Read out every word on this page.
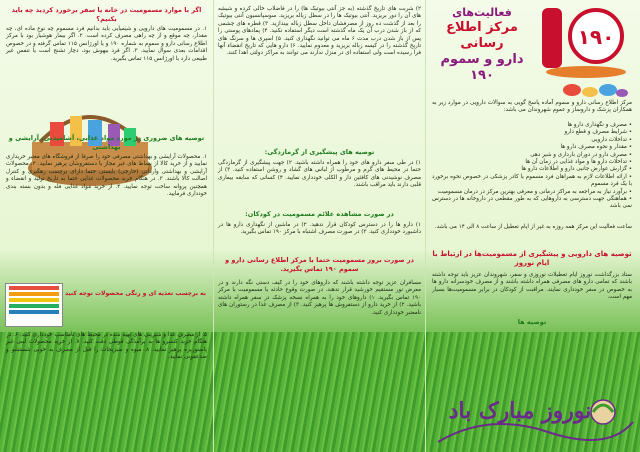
۱۹۰
فعالیت‌های
مرکز اطلاع رسانی
دارو و سموم ۱۹۰
مرکز اطلاع رسانی دارو و سموم آماده پاسخ گویی به سوالات دارویی در موارد زیر به همکاران پزشک و داروساز و عموم شهروندان می باشد:
• مصرف و نگهداری دارو ها
• شرایط مصرف و قطع دارو
• تداخلات دارویی
• مقدار و نحوه مصرف دارو ها
• مصرف دارو در دوران بارداری و شیر دهی
• تداخلات دارو ها و مواد غذایی در زمان آن ها
• گزارش عوارض جانبی دارو و اطلاعات دارو ها
• ارائه اطلاعات لازم به همراهان فرد مسموم یا کادر پزشکی در خصوص نحوه برخورد با یک فرد مسموم
• برآورد نیاز به مراجعه به مراکز درمانی و معرفی بهترین مرکز در درمان مسمومیت
• هماهنگی جهت دسترسی به داروهایی که به طور مقطعی در داروخانه ها در دسترس نمی باشد
ساعت فعالیت این مرکز همه روزه به غیر از ایام تعطیل از ساعت ۸ الی ۱۴ می باشد.
توصیه های دارویی و پیشگیری از مسمومیت‌ها در ارتباط با ایام نوروز
ستاد بزرگداشت نوروز ایام تعطیلات نوروزی و سفر، شهروندان عزیز باید توجه داشته باشند که تمامی دارو های مصرفی همراه داشته باشند و از مصرف خودسرانه دارو ها به خصوص در سفر خودداری نمایند. مراقبت از کودکان در برابر مسمومیت‌ها بسیار مهم است.
توصیه ها
نوروز مبارک باد
۲) شربت های تاریخ گذشته (به جز آنتی بیوتیک ها) را در فاضلاب خالی کرده و شیشه های آن را دور بریزید. آنتی بیوتیک ها را در سطل زباله بریزید. سوسپانسیون آنتی بیوتیک را بعد از گذشت ده روز از مصرفشان داخل سطل زباله بیندازید. ۳) قطره های چشمی که از باز شدن درب آن یک ماه گذشته است دیگر استفاده نکنید. ۴) پمادهای پوستی را پس از باز شدن درب مدت ۶ ماه می توانید نگهداری کنید. ۵) اسپری ها و سرنگ های تاریخ گذشته را در کیسه زباله بریزید و معدوم نمایید. ۶) دارو هایی که تاریخ انقضاء آنها فرا رسیده است ولی استفاده ای در منزل ندارند می توانند به مراکز دولتی اهدا کنند.
توصیه های پیشگیری از گرمازدگی:
۱) در طی سفر دارو های خود را همراه داشته باشید. ۲) جهت پیشگیری از گرمازدگی حتما در محیط های گرم و مرطوب از لباس های گشاد و روشن استفاده کنید. ۳) از مصرف نوشیدنی های کافئین دار و الکلی خودداری نمایید. ۴) کسانی که سابقه بیماری قلبی دارند باید مراقب باشند.
در صورت مشاهده علائم مسمومیت در کودکان:
۱) دارو ها را در دسترس کودکان قرار ندهید. ۲) در ماشین از نگهداری دارو ها در داشبورد خودداری کنید. ۳) در صورت مصرف اشتباه با مرکز ۱۹۰ تماس بگیرید.
در صورت بروز مسمومیت حتما با مرکز اطلاع رسانی دارو و سموم ۱۹۰ تماس بگیرید.
مسافران عزیز توجه داشته باشند که داروهای خود را در کیف دستی نگه دارند و در معرض نور مستقیم خورشید قرار ندهند. در صورت وقوع حادثه یا مسمومیت با مرکز ۱۹۰ تماس بگیرید. ۱) داروهای خود را به همراه نسخه پزشک در سفر همراه داشته باشید. ۲) از خرید دارو از دستفروش ها پرهیز کنید. ۳) از مصرف غذا در رستوران های نامعتبر خودداری کنید.
اگر با موارد مسمومیت در خانه یا سفر برخورد کردید چه باید بکنیم؟
۱. در مسمومیت های دارویی و شیمیایی باید بدانیم فرد مسموم چه نوع ماده ای، چه مقدار، چه موقع و از چه راهی مصرف کرده است. ۲. اگر بیمار هوشیار بود با مرکز اطلاع رسانی دارو و سموم به شماره ۱۹۰ و یا اورژانس ۱۱۵ تماس گرفته و در خصوص اقدامات بعدی سوال نمایید. ۳. اگر فرد بیهوش بود، دچار تشنج است یا تنفس غیر طبیعی دارد با اورژانس ۱۱۵ تماس بگیرید.
توصیه های ضروری در مورد مواد غذایی، آشامیدنی، آرایشی و بهداشتی
۱. محصولات آرایشی و بهداشتی مصرفی خود را صرفا از فروشگاه های معتبر خریداری نمایید و از خرید کالا از بساط های غیر مجاز یا دستفروشان پرهیز نمایید. ۲. محصولات آرایشی و بهداشتی وارداتی (خارجی) بایستی حتما دارای برچسب رهگیری و کنترل اصالت کالا باشند. ۳. در هنگام خرید محصولات غذایی حتما به تاریخ تولید و انقضاء و همچنین پروانه ساخت توجه نمایید. ۴. از خرید مواد غذایی فله و بدون بسته بندی خودداری فرمایید.
به برچسب تغذیه ای و رنگی محصولات توجه کنید
۵. از مصرف غذا و شیرینی های تهیه شده در محیط های نامناسب خودداری کنید. ۶. در هنگام خرید کنسرو ها به برآمدگی قوطی دقت کنید. ۷. از خرید محصولات لبنی غیر پاستوریزه پرهیز نمایید. ۸. میوه و سبزیجات را قبل از مصرف به خوبی شستشو و ضدعفونی نمایید.
